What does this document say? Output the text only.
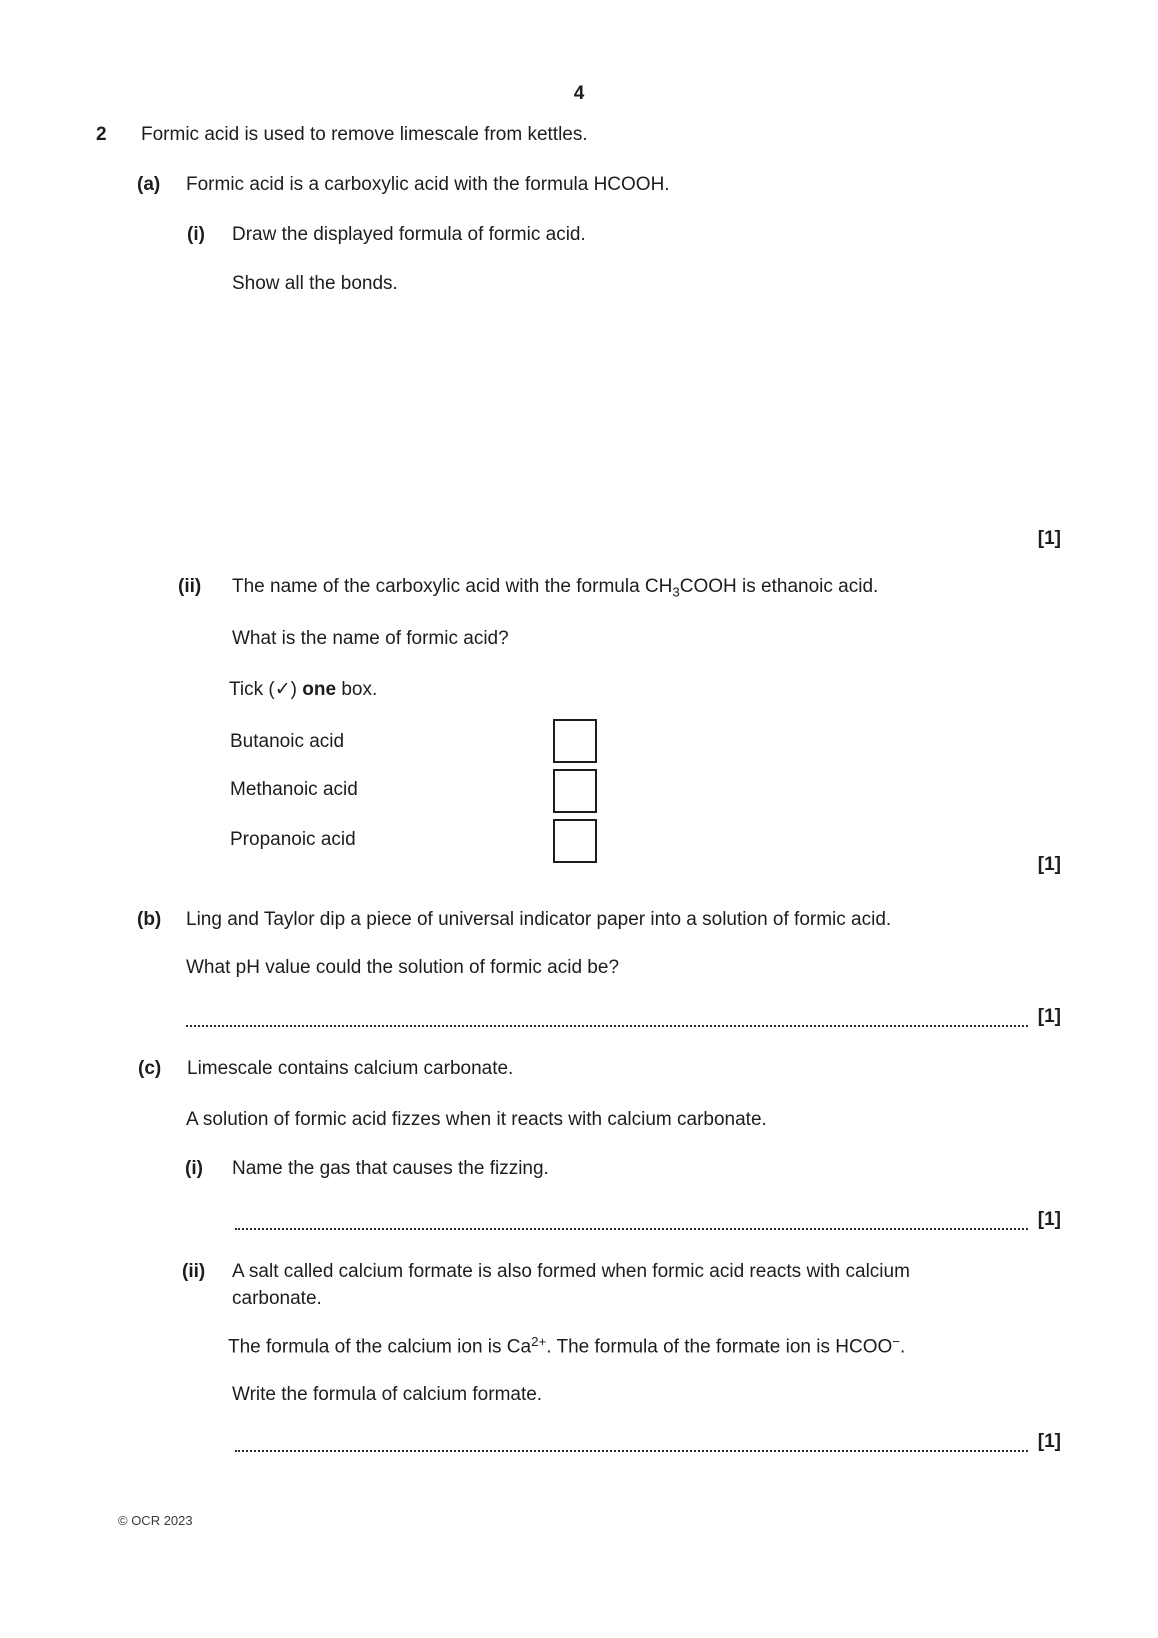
4
2 Formic acid is used to remove limescale from kettles.
(a) Formic acid is a carboxylic acid with the formula HCOOH.
(i) Draw the displayed formula of formic acid.
Show all the bonds.
[1]
(ii) The name of the carboxylic acid with the formula $CH_3COOH$ is ethanoic acid.
What is the name of formic acid?
Tick (✓) one box.
Butanoic acid
Methanoic acid
Propanoic acid
[1]
(b) Ling and Taylor dip a piece of universal indicator paper into a solution of formic acid.
What pH value could the solution of formic acid be?
[1]
(c) Limescale contains calcium carbonate.
A solution of formic acid fizzes when it reacts with calcium carbonate.
(i) Name the gas that causes the fizzing.
[1]
(ii) A salt called calcium formate is also formed when formic acid reacts with calcium
carbonate.
The formula of the calcium ion is $Ca^{2+}$. The formula of the formate ion is HCOO−.
Write the formula of calcium formate.
[1]
© OCR 2023
